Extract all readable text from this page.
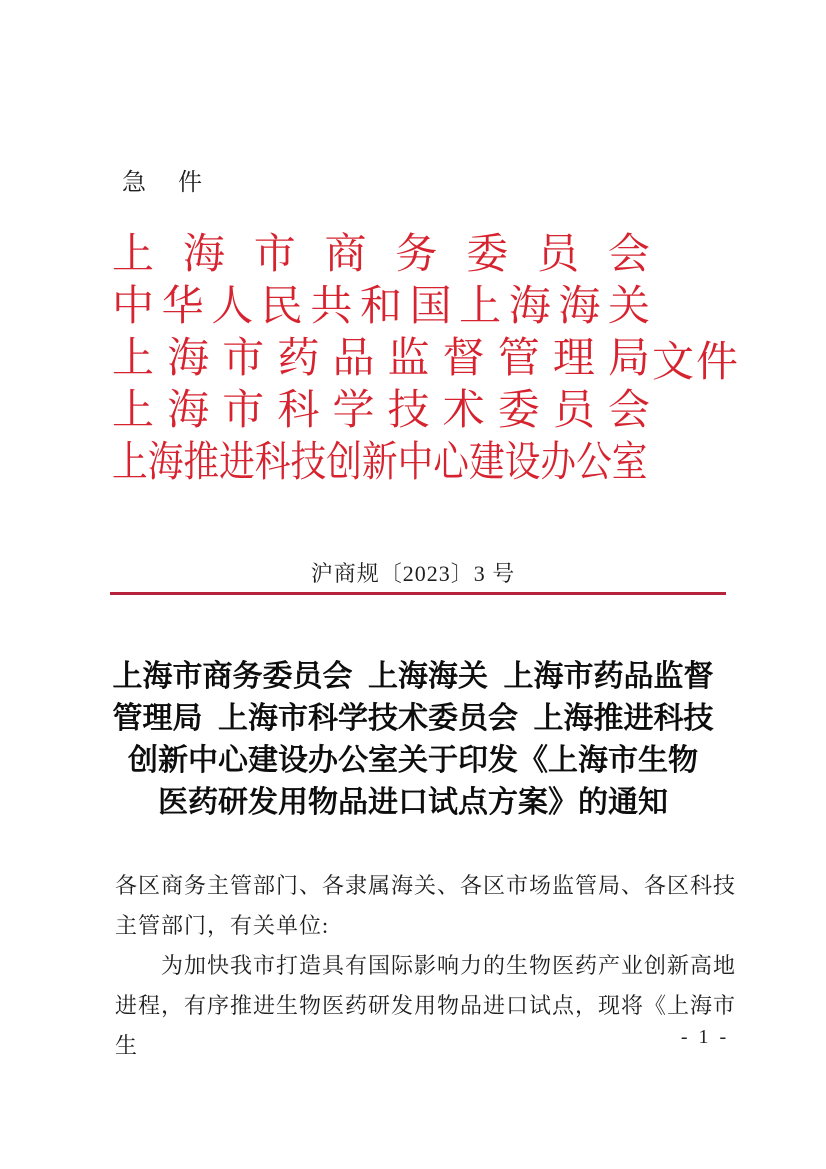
急 件
上 海 市 商 务 委 员 会
中 华 人 民 共 和 国 上 海 海 关
上 海 市 药 品 监 督 管 理 局
上 海 市 科 学 技 术 委 员 会
上海推进科技创新中心建设办公室
文件
沪商规〔2023〕3 号
上海市商务委员会 上海海关 上海市药品监督
管理局 上海市科学技术委员会 上海推进科技
创新中心建设办公室关于印发《上海市生物
医药研发用物品进口试点方案》的通知
各区商务主管部门、各隶属海关、各区市场监管局、各区科技
主管部门，有关单位:
为加快我市打造具有国际影响力的生物医药产业创新高地
进程，有序推进生物医药研发用物品进口试点，现将《上海市生	- 1 -
